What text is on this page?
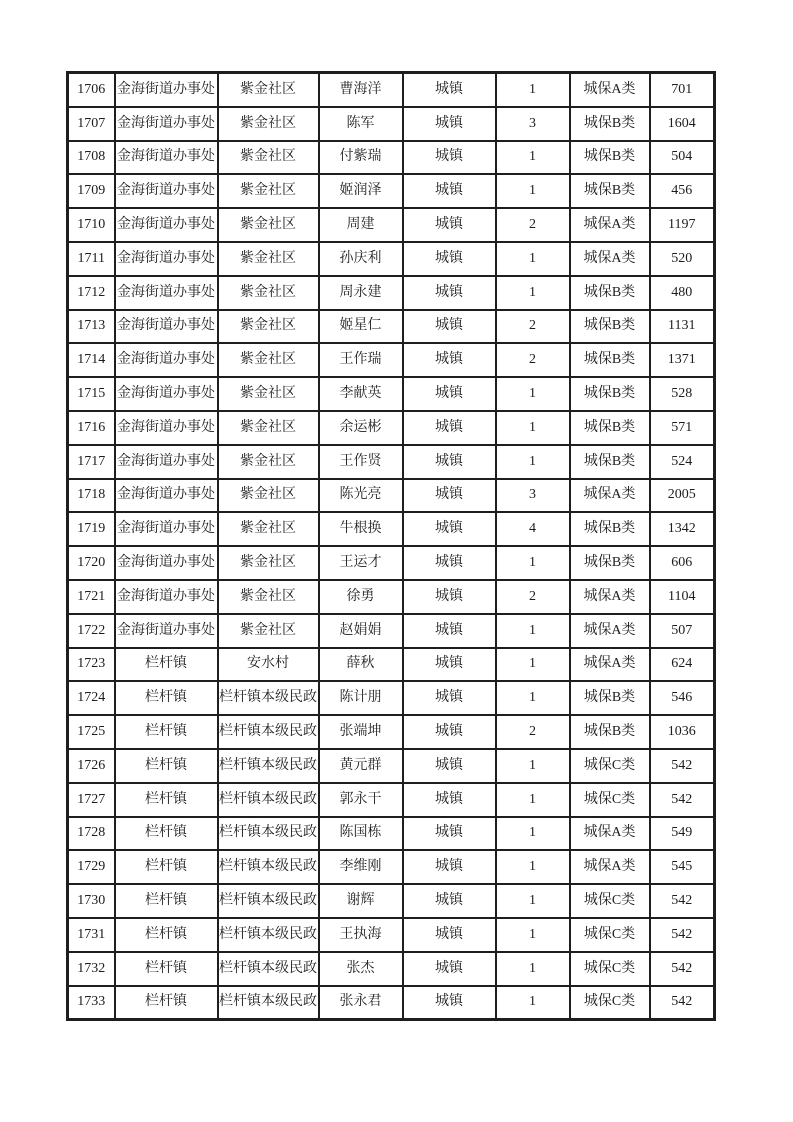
1706	金海街道办事处	紫金社区	曹海洋	城镇	1	城保A类	701
1707	金海街道办事处	紫金社区	陈军	城镇	3	城保B类	1604
1708	金海街道办事处	紫金社区	付紫瑞	城镇	1	城保B类	504
1709	金海街道办事处	紫金社区	姬润泽	城镇	1	城保B类	456
1710	金海街道办事处	紫金社区	周建	城镇	2	城保A类	1197
1711	金海街道办事处	紫金社区	孙庆利	城镇	1	城保A类	520
1712	金海街道办事处	紫金社区	周永建	城镇	1	城保B类	480
1713	金海街道办事处	紫金社区	姬星仁	城镇	2	城保B类	1131
1714	金海街道办事处	紫金社区	王作瑞	城镇	2	城保B类	1371
1715	金海街道办事处	紫金社区	李献英	城镇	1	城保B类	528
1716	金海街道办事处	紫金社区	余运彬	城镇	1	城保B类	571
1717	金海街道办事处	紫金社区	王作贤	城镇	1	城保B类	524
1718	金海街道办事处	紫金社区	陈光亮	城镇	3	城保A类	2005
1719	金海街道办事处	紫金社区	牛根换	城镇	4	城保B类	1342
1720	金海街道办事处	紫金社区	王运才	城镇	1	城保B类	606
1721	金海街道办事处	紫金社区	徐勇	城镇	2	城保A类	1104
1722	金海街道办事处	紫金社区	赵娟娟	城镇	1	城保A类	507
1723	栏杆镇	安水村	薛秋	城镇	1	城保A类	624
1724	栏杆镇	栏杆镇本级民政	陈计朋	城镇	1	城保B类	546
1725	栏杆镇	栏杆镇本级民政	张端坤	城镇	2	城保B类	1036
1726	栏杆镇	栏杆镇本级民政	黄元群	城镇	1	城保C类	542
1727	栏杆镇	栏杆镇本级民政	郭永干	城镇	1	城保C类	542
1728	栏杆镇	栏杆镇本级民政	陈国栋	城镇	1	城保A类	549
1729	栏杆镇	栏杆镇本级民政	李维刚	城镇	1	城保A类	545
1730	栏杆镇	栏杆镇本级民政	谢辉	城镇	1	城保C类	542
1731	栏杆镇	栏杆镇本级民政	王执海	城镇	1	城保C类	542
1732	栏杆镇	栏杆镇本级民政	张杰	城镇	1	城保C类	542
1733	栏杆镇	栏杆镇本级民政	张永君	城镇	1	城保C类	542
